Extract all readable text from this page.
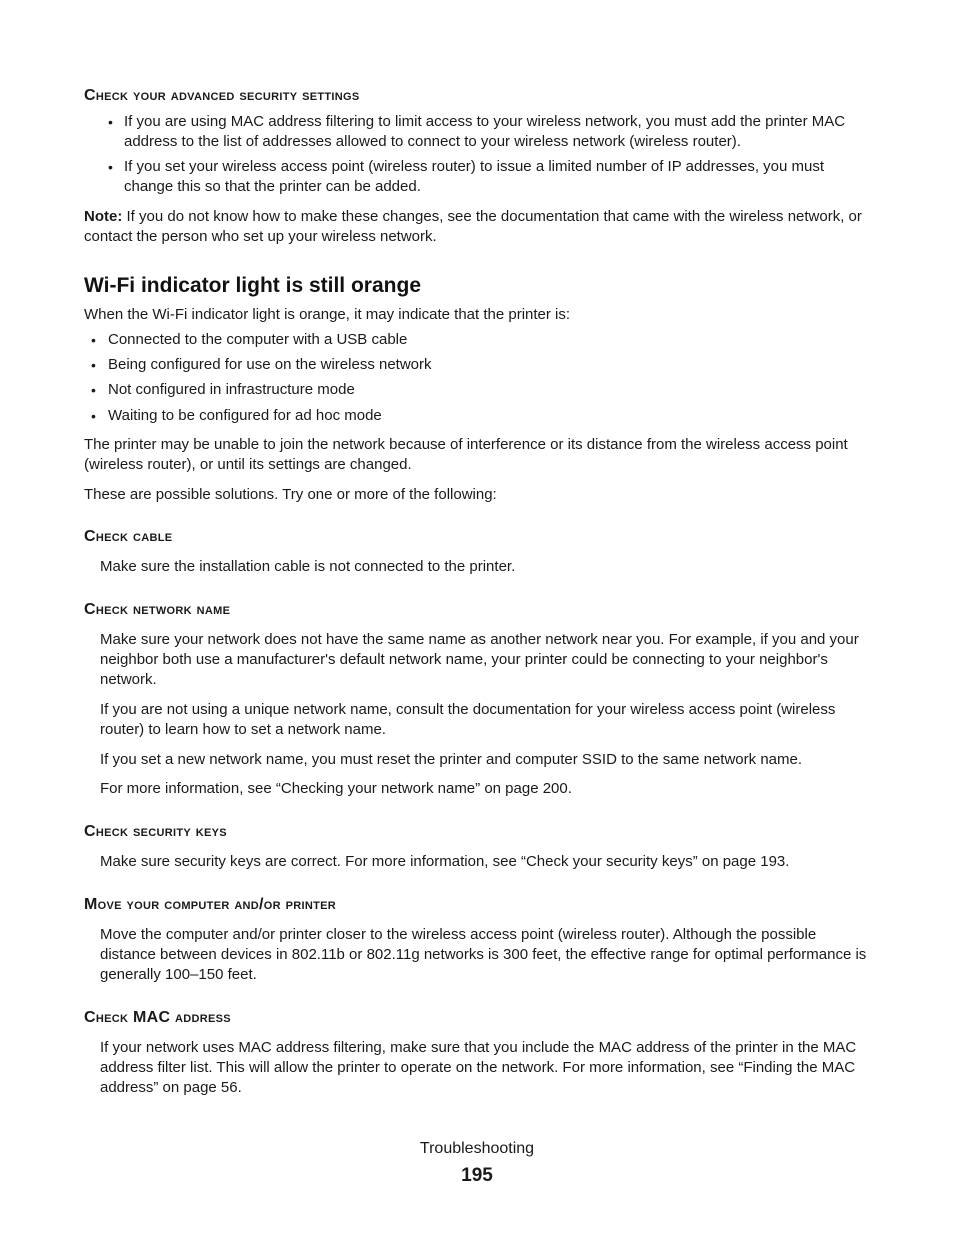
Check your advanced security settings
• If you are using MAC address filtering to limit access to your wireless network, you must add the printer MAC address to the list of addresses allowed to connect to your wireless network (wireless router).
• If you set your wireless access point (wireless router) to issue a limited number of IP addresses, you must change this so that the printer can be added.

Note: If you do not know how to make these changes, see the documentation that came with the wireless network, or contact the person who set up your wireless network.

Wi-Fi indicator light is still orange

When the Wi-Fi indicator light is orange, it may indicate that the printer is:

• Connected to the computer with a USB cable
• Being configured for use on the wireless network
• Not configured in infrastructure mode
• Waiting to be configured for ad hoc mode

The printer may be unable to join the network because of interference or its distance from the wireless access point (wireless router), or until its settings are changed.

These are possible solutions. Try one or more of the following:

Check cable

Make sure the installation cable is not connected to the printer.

Check network name

Make sure your network does not have the same name as another network near you. For example, if you and your neighbor both use a manufacturer's default network name, your printer could be connecting to your neighbor's network.

If you are not using a unique network name, consult the documentation for your wireless access point (wireless router) to learn how to set a network name.

If you set a new network name, you must reset the printer and computer SSID to the same network name.

For more information, see “Checking your network name” on page 200.

Check security keys

Make sure security keys are correct. For more information, see “Check your security keys” on page 193.

Move your computer and/or printer

Move the computer and/or printer closer to the wireless access point (wireless router). Although the possible distance between devices in 802.11b or 802.11g networks is 300 feet, the effective range for optimal performance is generally 100–150 feet.

Check MAC address

If your network uses MAC address filtering, make sure that you include the MAC address of the printer in the MAC address filter list. This will allow the printer to operate on the network. For more information, see “Finding the MAC address” on page 56.

Troubleshooting
195
